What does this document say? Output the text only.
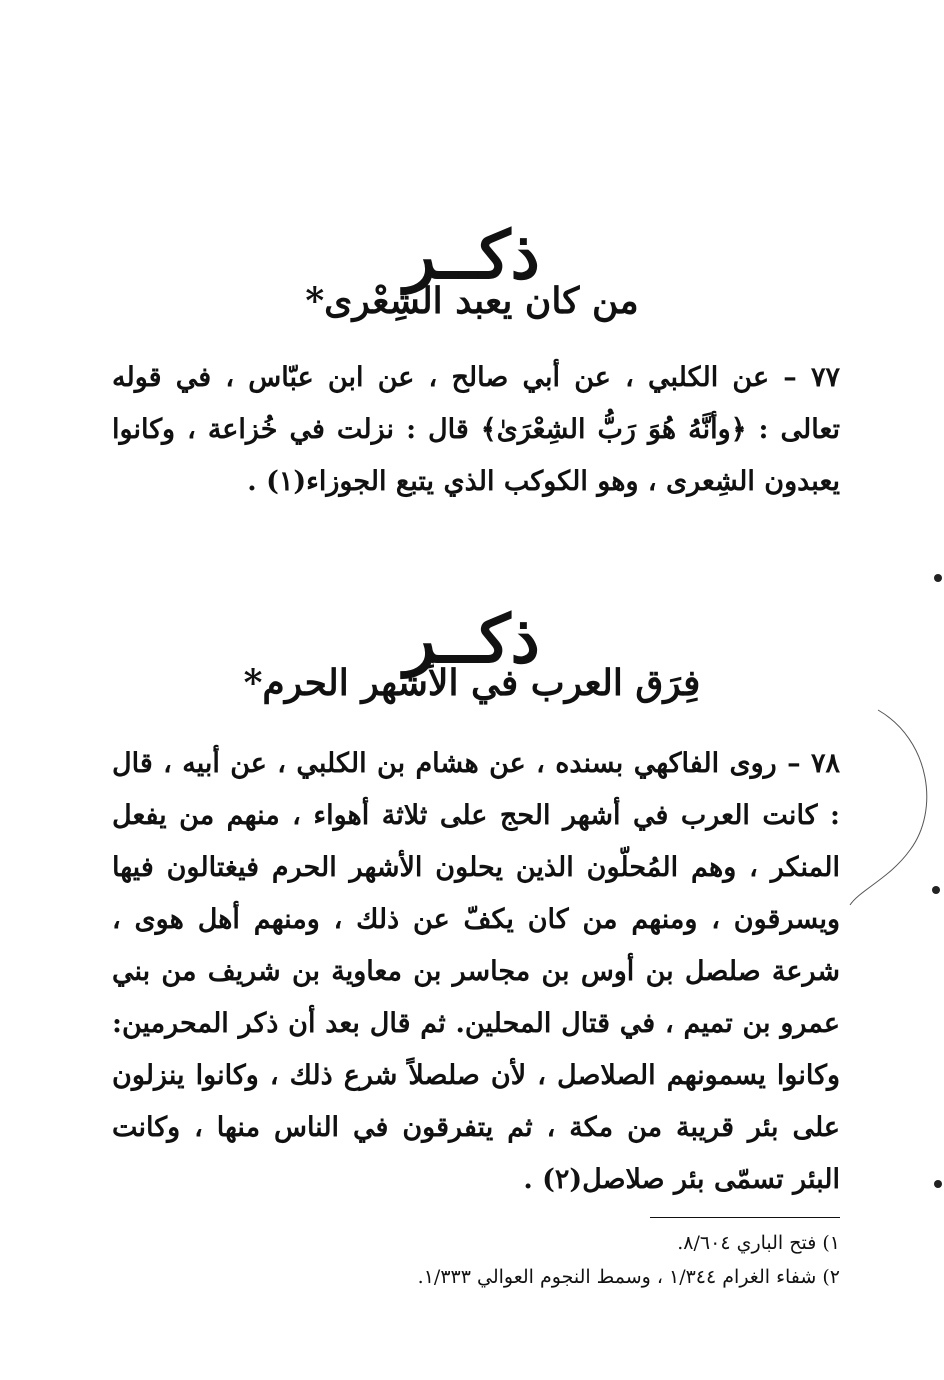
ذكــر
من كان يعبد الشِعْرى*
٧٧ – عن الكلبي ، عن أبي صالح ، عن ابن عبّاس ، في قوله تعالى : ﴿وأنَّهُ هُوَ رَبُّ الشِعْرَىٰ﴾ قال : نزلت في خُزاعة ، وكانوا يعبدون الشِعرى ، وهو الكوكب الذي يتبع الجوزاء(١) .
ذكــر
فِرَق العرب في الأشهر الحرم*
٧٨ – روى الفاكهي بسنده ، عن هشام بن الكلبي ، عن أبيه ، قال : كانت العرب في أشهر الحج على ثلاثة أهواء ، منهم من يفعل المنكر ، وهم المُحلّون الذين يحلون الأشهر الحرم فيغتالون فيها ويسرقون ، ومنهم من كان يكفّ عن ذلك ، ومنهم أهل هوى ، شرعة صلصل بن أوس بن مجاسر بن معاوية بن شريف من بني عمرو بن تميم ، في قتال المحلين. ثم قال بعد أن ذكر المحرمين: وكانوا يسمونهم الصلاصل ، لأن صلصلاً شرع ذلك ، وكانوا ينزلون على بئر قريبة من مكة ، ثم يتفرقون في الناس منها ، وكانت البئر تسمّى بئر صلاصل(٢) .
١) فتح الباري ٨/٦٠٤.
٢) شفاء الغرام ١/٣٤٤ ، وسمط النجوم العوالي ١/٣٣٣.
